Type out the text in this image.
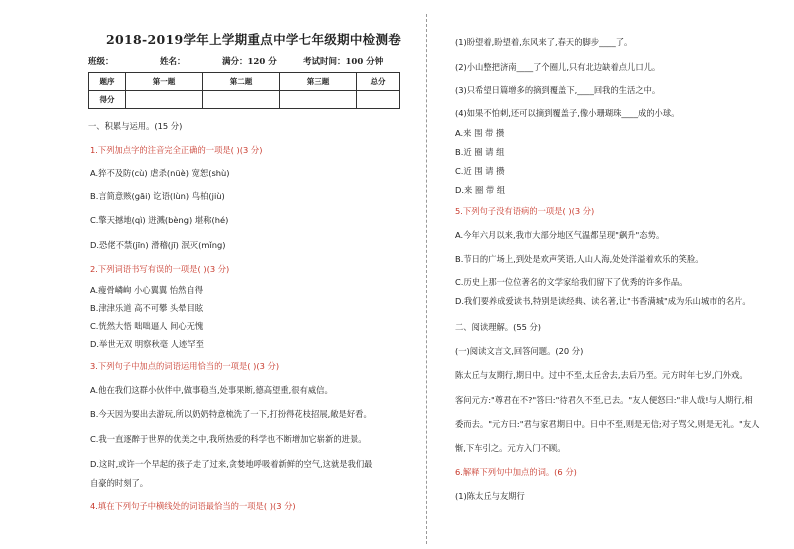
2018-2019学年上学期重点中学七年级期中检测卷
班级：	姓名：	满分：120 分	考试时间：100 分钟
题序	第一题	第二题	第三题	总分
得分				
一、积累与运用。(15 分)
1.下列加点字的注音完全正确的一项是( )(3 分)
A.猝不及防(cù) 虐杀(nüè) 宽恕(shù)
B.言简意赅(gāi) 讫语(lùn) 鸟柏(jiù)
C.擎天撼地(qì) 迸溅(bèng) 堪称(hé)
D.恐佬不禁(jīn) 滑稽(jī) 泯灭(mǐng)
2.下列词语书写有误的一项是( )(3 分)
A.瘦骨嶙峋 小心翼翼 怡然自得
B.津津乐道 高不可攀 头晕目眩
C.恍然大悟 咄咄逼人 间心无愧
D.举世无双 明察秋毫 人迹罕至
3.下列句子中加点的词语运用恰当的一项是( )(3 分)
A.他在我们这群小伙伴中,做事稳当,处事果断,德高望重,很有威信。
B.今天因为要出去游玩,所以奶奶特意梳洗了一下,打扮得花枝招展,敞是好看。
C.我一直逐醉于世界的优美之中,我所热爱的科学也不断增加它崭新的进景。
D.这时,或许一个早起的孩子走了过来,贪婪地呼吸着新鲜的空气,这就是我们最
自豪的时刻了。
4.填在下列句子中横线处的词语最恰当的一项是( )(3 分)
(1)盼望着,盼望着,东风来了,春天的脚步____了。
(2)小山整把济南____了个圈儿,只有北边缺着点儿口儿。
(3)只希望日篇增多的摘到覆盖下,____回我的生活之中。
(4)如果不怕刺,还可以摘到覆盖子,像小珊瑚珠____成的小球。
A.来 围 带 攒
B.近 圈 请 组
C.近 围 请 攒
D.来 圈 带 组
5.下列句子没有语病的一项是( )(3 分)
A.今年六月以来,我市大部分地区气温都呈现"飙升"态势。
B.节日的广场上,到处是欢声笑语,人山人海,处处洋溢着欢乐的笑脸。
C.历史上那一位位著名的文学家给我们留下了优秀的许多作品。
D.我们要养成爱读书,特别是读经典、读名著,让"书香满城"成为乐山城市的名片。
二、阅读理解。(55 分)
(一)阅读文言文,回答问题。(20 分)
陈太丘与友期行,期日中。过中不至,太丘舍去,去后乃至。元方时年七岁,门外戏。
客问元方:"尊君在不?"答曰:"待君久不至,已去。"友人便怒曰:"非人哉!与人期行,相
委而去。"元方曰:"君与家君期日中。日中不至,则是无信;对子骂父,则是无礼。"友人
惭,下车引之。元方入门不顾。
6.解释下列句中加点的词。(6 分)
(1)陈太丘与友期行
